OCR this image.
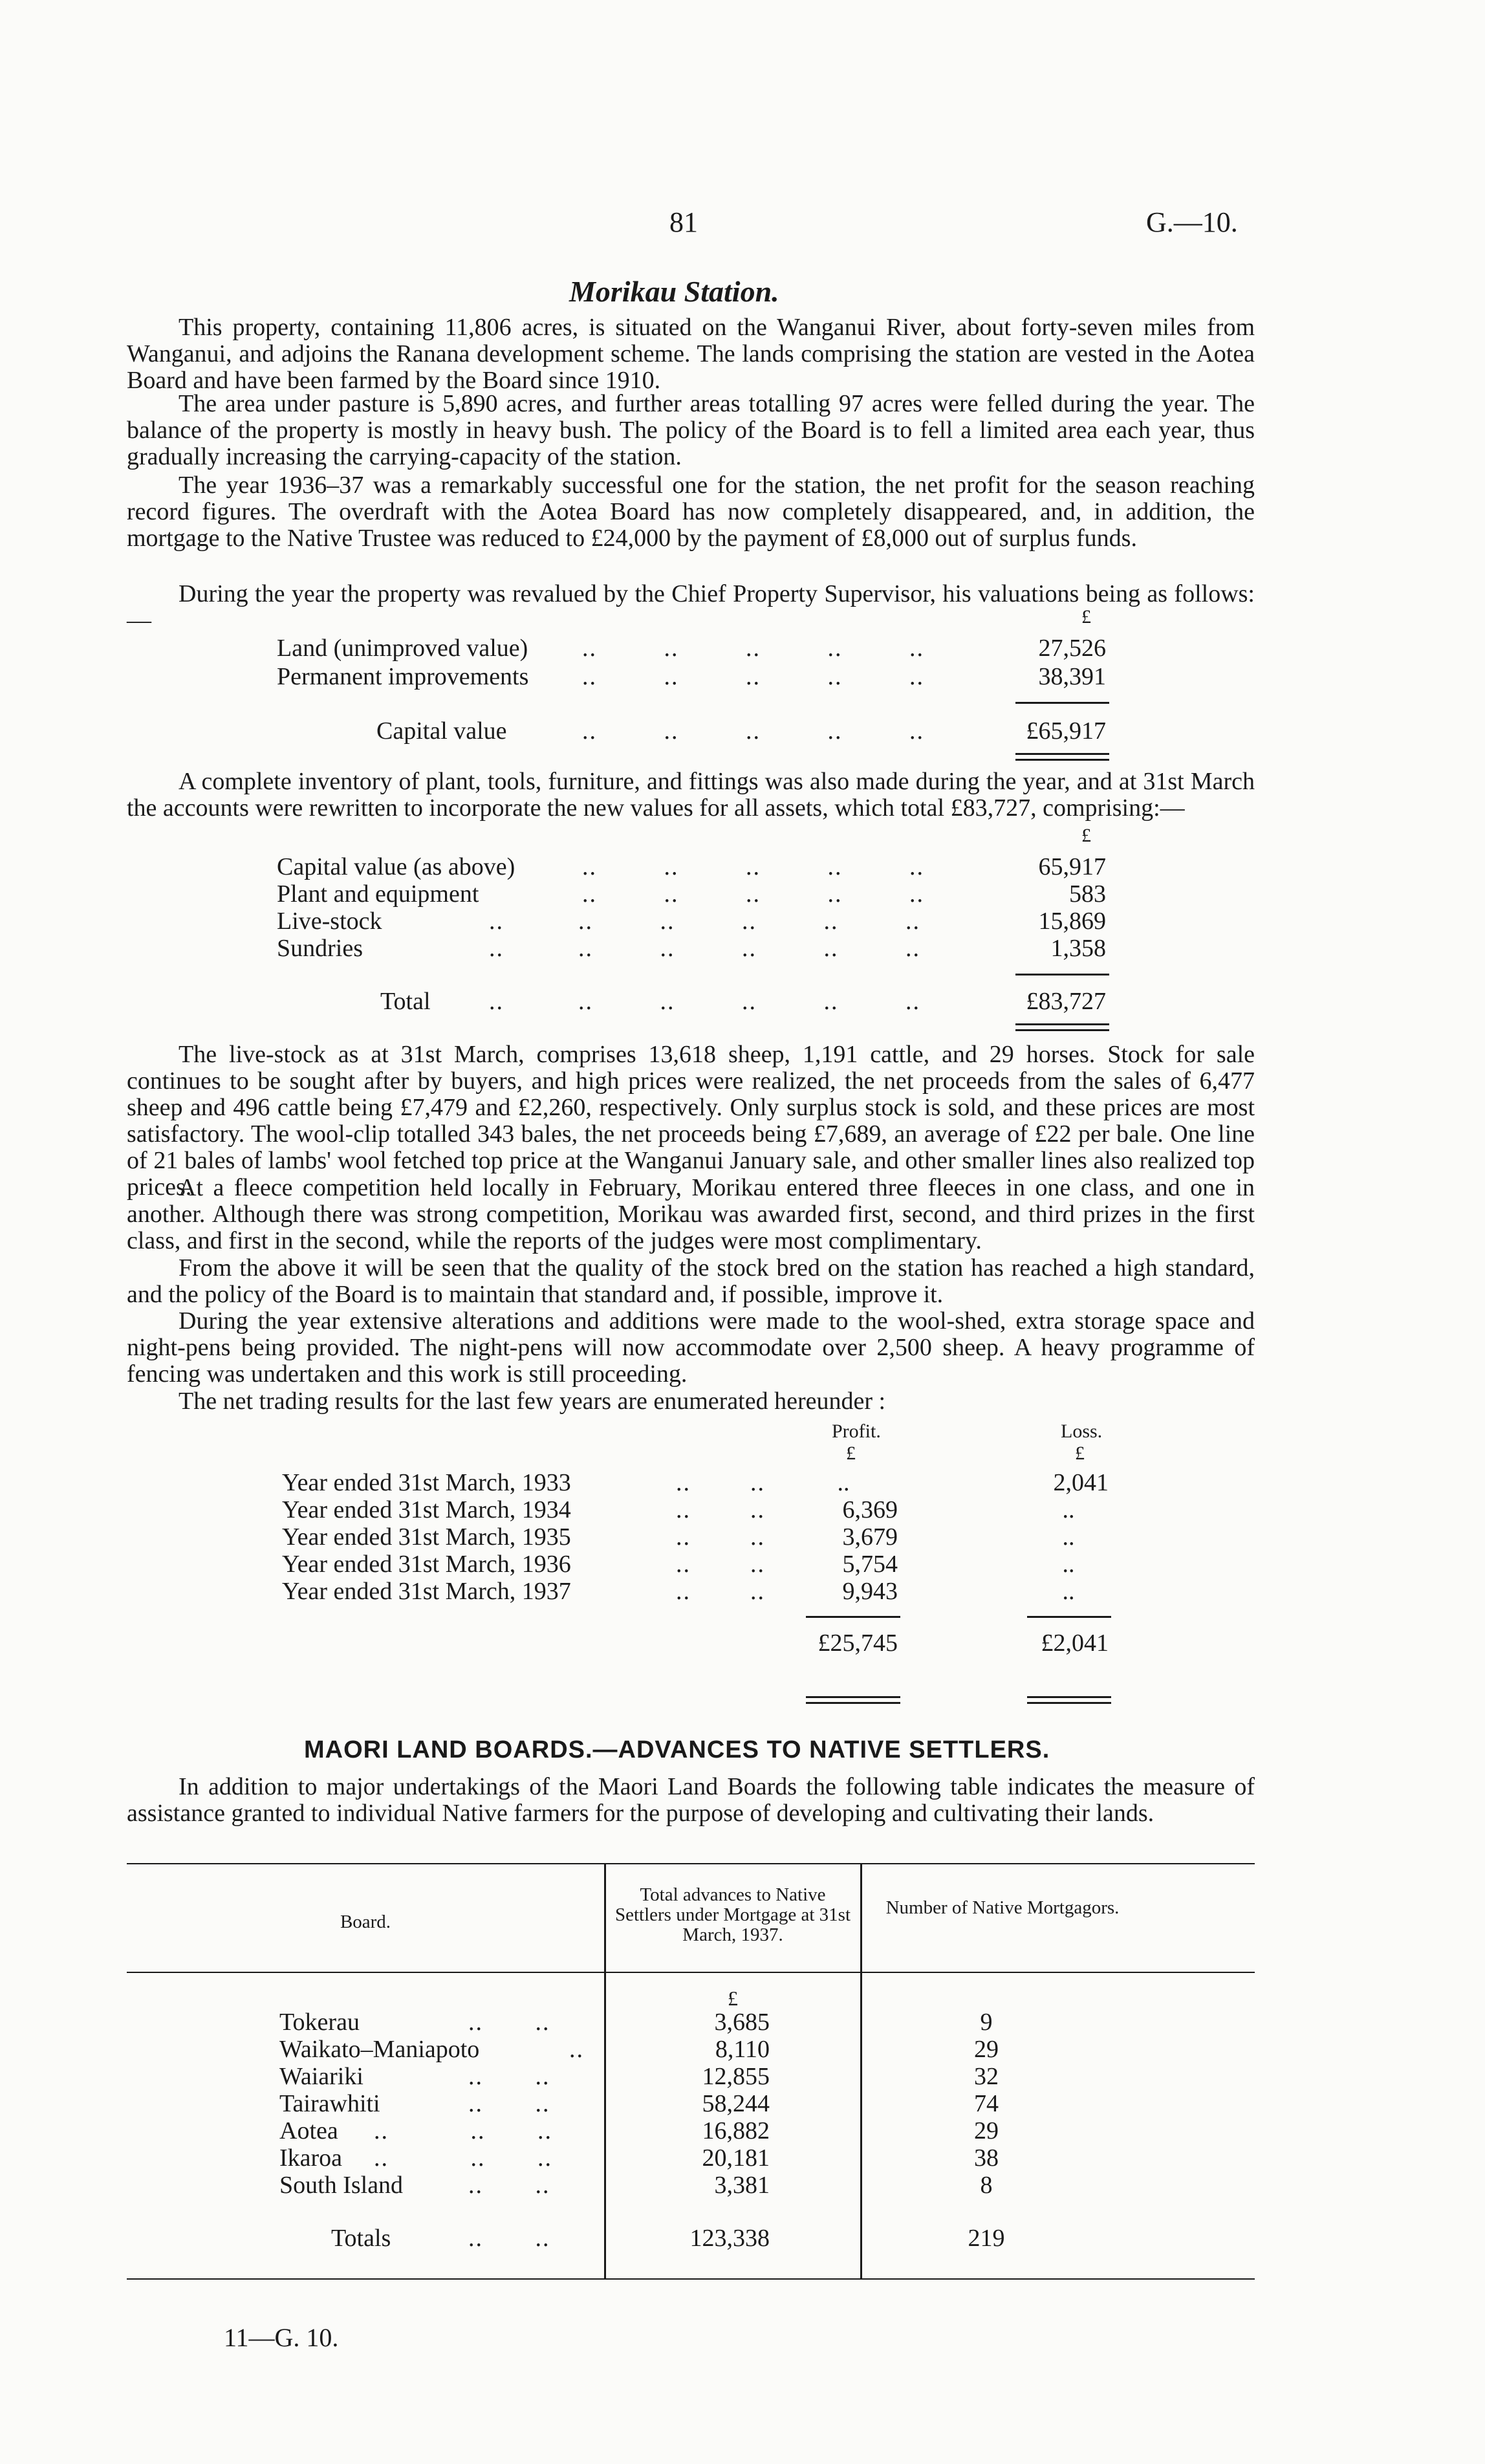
81	G.—10.
Morikau Station.

This property, containing 11,806 acres, is situated on the Wanganui River, about forty-seven miles from Wanganui, and adjoins the Ranana development scheme. The lands comprising the station are vested in the Aotea Board and have been farmed by the Board since 1910.

The area under pasture is 5,890 acres, and further areas totalling 97 acres were felled during the year. The balance of the property is mostly in heavy bush. The policy of the Board is to fell a limited area each year, thus gradually increasing the carrying-capacity of the station.

The year 1936–37 was a remarkably successful one for the station, the net profit for the season reaching record figures. The overdraft with the Aotea Board has now completely disappeared, and, in addition, the mortgage to the Native Trustee was reduced to £24,000 by the payment of £8,000 out of surplus funds.

During the year the property was revalued by the Chief Property Supervisor, his valuations being as follows:—	£
Land (unimproved value) ..         ..         ..         ..         ..	27,526
Permanent improvements ..         ..         ..         ..         ..	38,391
Capital value	..         ..         ..         ..         ..	£65,917

A complete inventory of plant, tools, furniture, and fittings was also made during the year, and at 31st March the accounts were rewritten to incorporate the new values for all assets, which total £83,727, comprising:—

£
Capital value (as above)	..         ..         ..         ..         ..	65,917
Plant and equipment	..         ..         ..         ..         ..	583
Live-stock	..          ..         ..         ..         ..         ..	15,869
Sundries	..          ..         ..         ..         ..         ..	1,358
Total ..          ..         ..         ..         ..         ..	£83,727

The live-stock as at 31st March, comprises 13,618 sheep, 1,191 cattle, and 29 horses. Stock for sale continues to be sought after by buyers, and high prices were realized, the net proceeds from the sales of 6,477 sheep and 496 cattle being £7,479 and £2,260, respectively. Only surplus stock is sold, and these prices are most satisfactory. The wool-clip totalled 343 bales, the net proceeds being £7,689, an average of £22 per bale. One line of 21 bales of lambs' wool fetched top price at the Wanganui January sale, and other smaller lines also realized top prices.

At a fleece competition held locally in February, Morikau entered three fleeces in one class, and one in another. Although there was strong competition, Morikau was awarded first, second, and third prizes in the first class, and first in the second, while the reports of the judges were most complimentary.

From the above it will be seen that the quality of the stock bred on the station has reached a high standard, and the policy of the Board is to maintain that standard and, if possible, improve it.

During the year extensive alterations and additions were made to the wool-shed, extra storage space and night-pens being provided. The night-pens will now accommodate over 2,500 sheep. A heavy programme of fencing was undertaken and this work is still proceeding.

The net trading results for the last few years are enumerated hereunder :

Profit.	Loss.
£	£
Year ended 31st March, 1933	..        ..	..	2,041
Year ended 31st March, 1934	..        ..	6,369	..
Year ended 31st March, 1935	..        ..	3,679	..
Year ended 31st March, 1936	..        ..	5,754	..
Year ended 31st March, 1937	..        ..	9,943	..
£25,745	£2,041
MAORI LAND BOARDS.—ADVANCES TO NATIVE SETTLERS.

In addition to major undertakings of the Maori Land Boards the following table indicates the measure of assistance granted to individual Native farmers for the purpose of developing and cultivating their lands.

Board.
Total advances to Native Settlers under Mortgage at 31st March, 1937.
Number of Native Mortgagors.
£
Tokerau	..       ..	3,685	9
Waikato–Maniapoto	..	8,110	29
Waiariki	..       ..	12,855	32
Tairawhiti	..       ..	58,244	74
Aotea ..           ..       ..	16,882	29
Ikaroa ..           ..       ..	20,181	38
South Island	..       ..	3,381	8
Totals	..       ..	123,338	219
11—G. 10.
